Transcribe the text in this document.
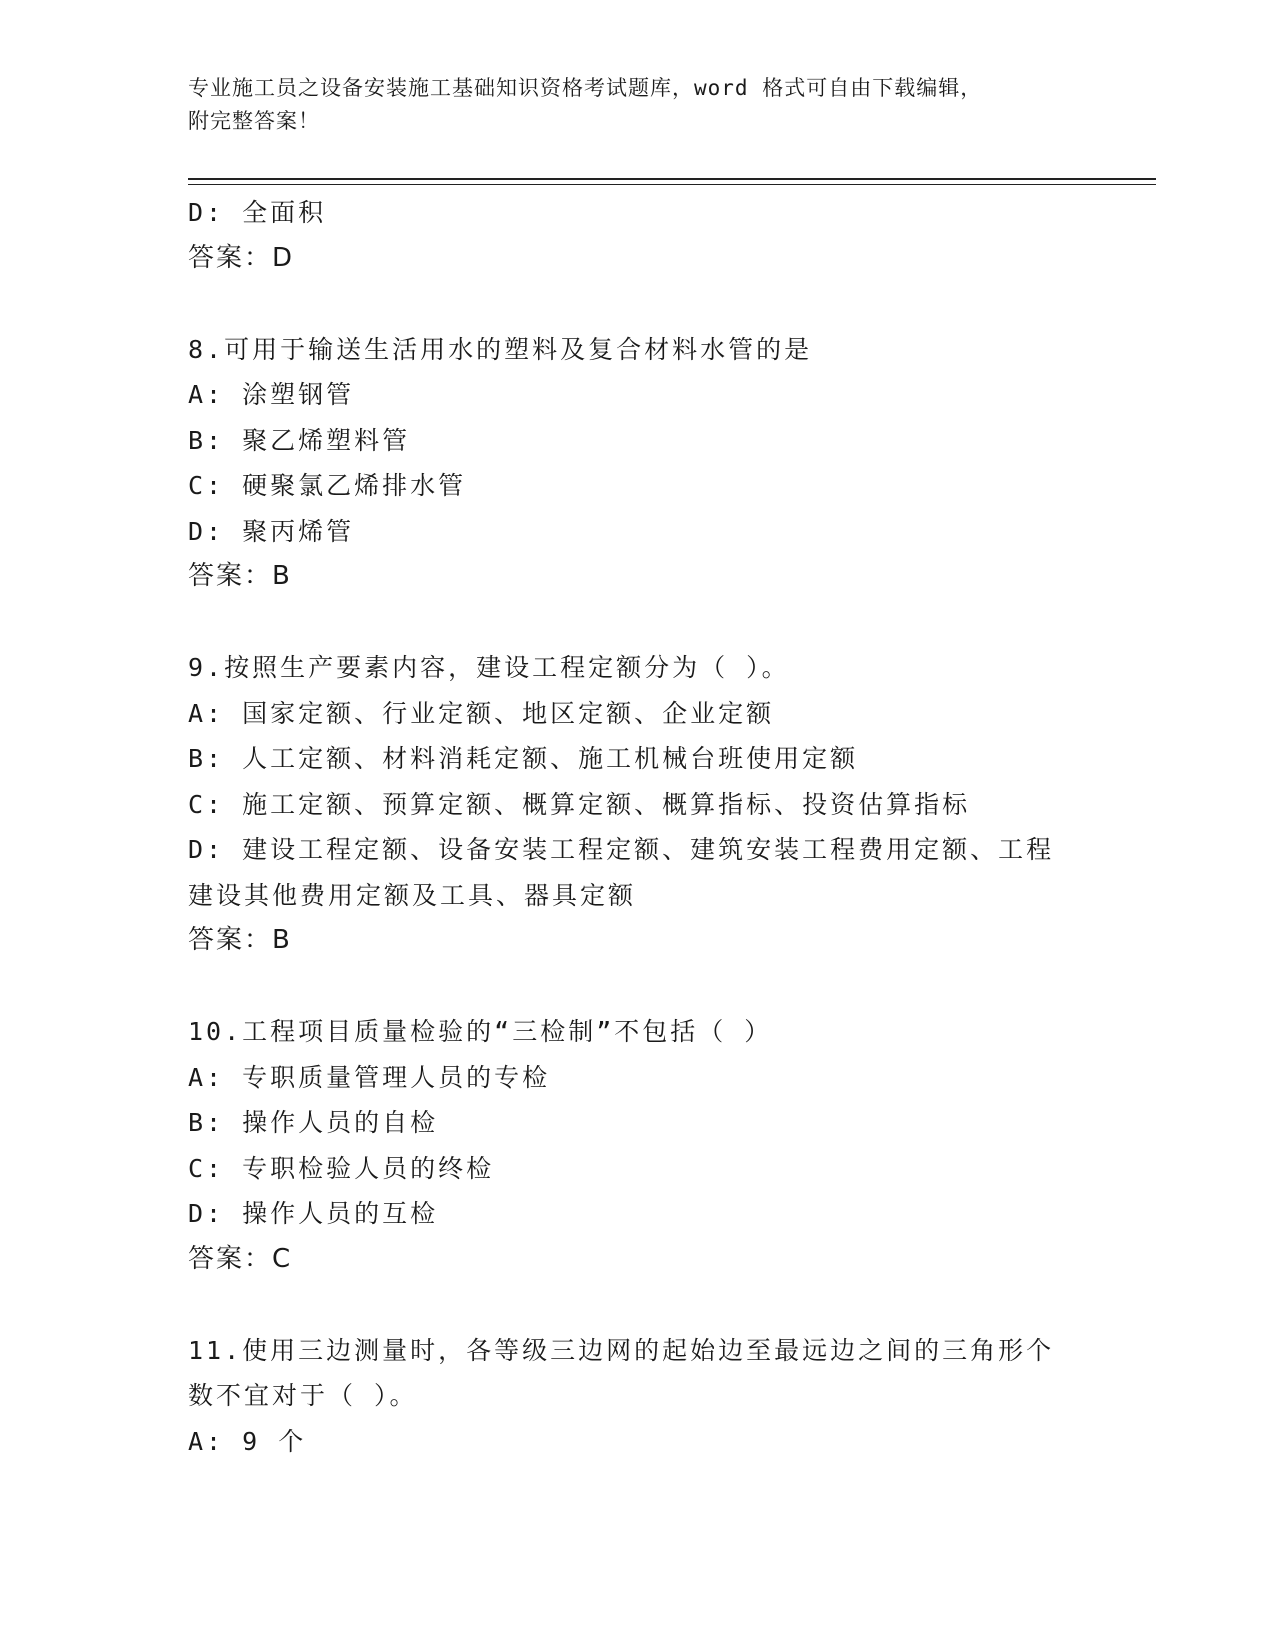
专业施工员之设备安装施工基础知识资格考试题库，word 格式可自由下载编辑，
附完整答案！
D: 全面积
答案：D
8.可用于输送生活用水的塑料及复合材料水管的是
A: 涂塑钢管
B: 聚乙烯塑料管
C: 硬聚氯乙烯排水管
D: 聚丙烯管
答案：B
9.按照生产要素内容，建设工程定额分为（ ）。
A: 国家定额、行业定额、地区定额、企业定额
B: 人工定额、材料消耗定额、施工机械台班使用定额
C: 施工定额、预算定额、概算定额、概算指标、投资估算指标
D: 建设工程定额、设备安装工程定额、建筑安装工程费用定额、工程
建设其他费用定额及工具、器具定额
答案：B
10.工程项目质量检验的“三检制”不包括（ ）
A: 专职质量管理人员的专检
B: 操作人员的自检
C: 专职检验人员的终检
D: 操作人员的互检
答案：C
11.使用三边测量时，各等级三边网的起始边至最远边之间的三角形个
数不宜对于（ ）。
A: 9 个
